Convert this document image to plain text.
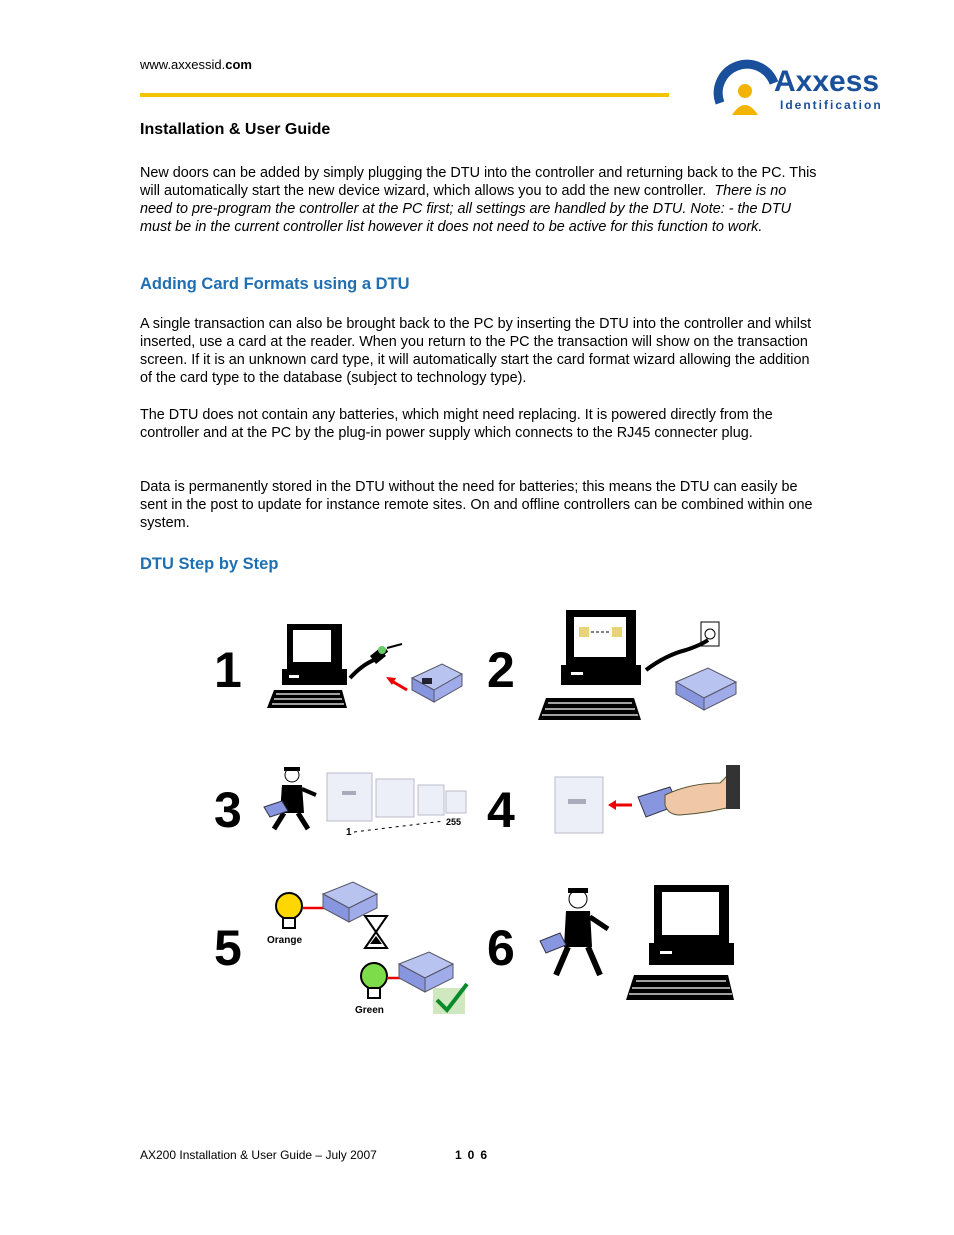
www.axxessid.com
Axxess
Identification
Installation & User Guide
New doors can be added by simply plugging the DTU into the controller and returning back to the PC. This will automatically start the new device wizard, which allows you to add the new controller. There is no need to pre-program the controller at the PC first; all settings are handled by the DTU. Note: - the DTU must be in the current controller list however it does not need to be active for this function to work.
Adding Card Formats using a DTU
A single transaction can also be brought back to the PC by inserting the DTU into the controller and whilst inserted, use a card at the reader. When you return to the PC the transaction will show on the transaction screen. If it is an unknown card type, it will automatically start the card format wizard allowing the addition of the card type to the database (subject to technology type).
The DTU does not contain any batteries, which might need replacing. It is powered directly from the controller and at the PC by the plug-in power supply which connects to the RJ45 connecter plug.
Data is permanently stored in the DTU without the need for batteries; this means the DTU can easily be sent in the post to update for instance remote sites. On and offline controllers can be combined within one system.
DTU Step by Step
1	2
3	4
5	6
1
255
Orange
Green
AX200 Installation & User Guide – July 2007	106
